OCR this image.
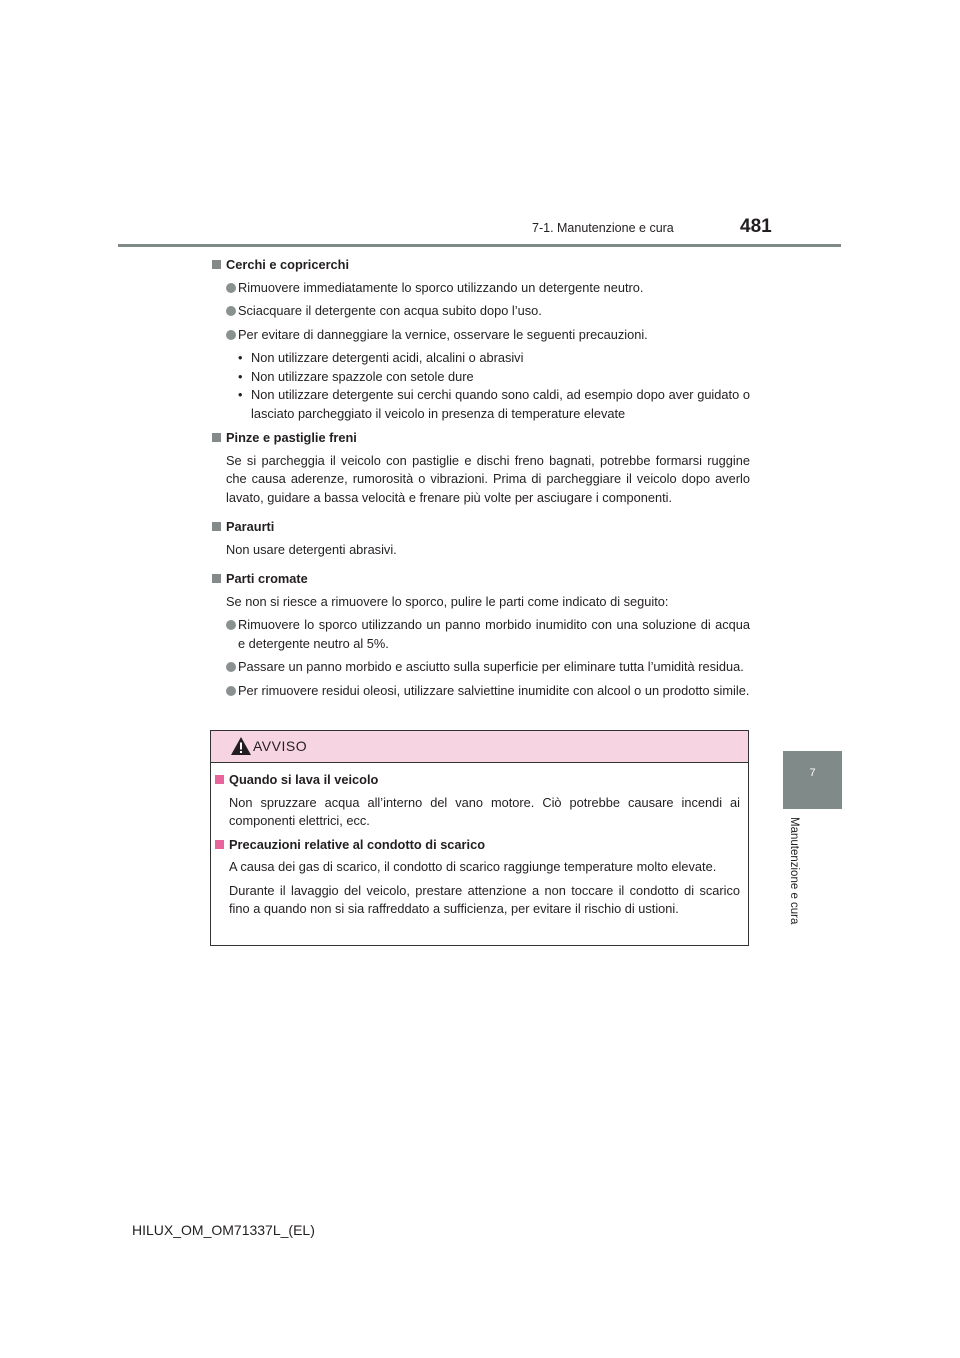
7-1. Manutenzione e cura	481
7
Manutenzione e cura
Cerchi e copricerchi
Rimuovere immediatamente lo sporco utilizzando un detergente neutro.
Sciacquare il detergente con acqua subito dopo l’uso.
Per evitare di danneggiare la vernice, osservare le seguenti precauzioni.
• Non utilizzare detergenti acidi, alcalini o abrasivi
• Non utilizzare spazzole con setole dure
• Non utilizzare detergente sui cerchi quando sono caldi, ad esempio dopo aver guidato o lasciato parcheggiato il veicolo in presenza di temperature elevate
Pinze e pastiglie freni
Se si parcheggia il veicolo con pastiglie e dischi freno bagnati, potrebbe formarsi ruggine che causa aderenze, rumorosità o vibrazioni. Prima di parcheggiare il veicolo dopo averlo lavato, guidare a bassa velocità e frenare più volte per asciugare i componenti.
Paraurti
Non usare detergenti abrasivi.
Parti cromate
Se non si riesce a rimuovere lo sporco, pulire le parti come indicato di seguito:
Rimuovere lo sporco utilizzando un panno morbido inumidito con una soluzione di acqua e detergente neutro al 5%.
Passare un panno morbido e asciutto sulla superficie per eliminare tutta l’umidità residua.
Per rimuovere residui oleosi, utilizzare salviettine inumidite con alcool o un prodotto simile.
AVVISO
Quando si lava il veicolo
Non spruzzare acqua all’interno del vano motore. Ciò potrebbe causare incendi ai componenti elettrici, ecc.
Precauzioni relative al condotto di scarico
A causa dei gas di scarico, il condotto di scarico raggiunge temperature molto elevate.
Durante il lavaggio del veicolo, prestare attenzione a non toccare il condotto di scarico fino a quando non si sia raffreddato a sufficienza, per evitare il rischio di ustioni.
HILUX_OM_OM71337L_(EL)
